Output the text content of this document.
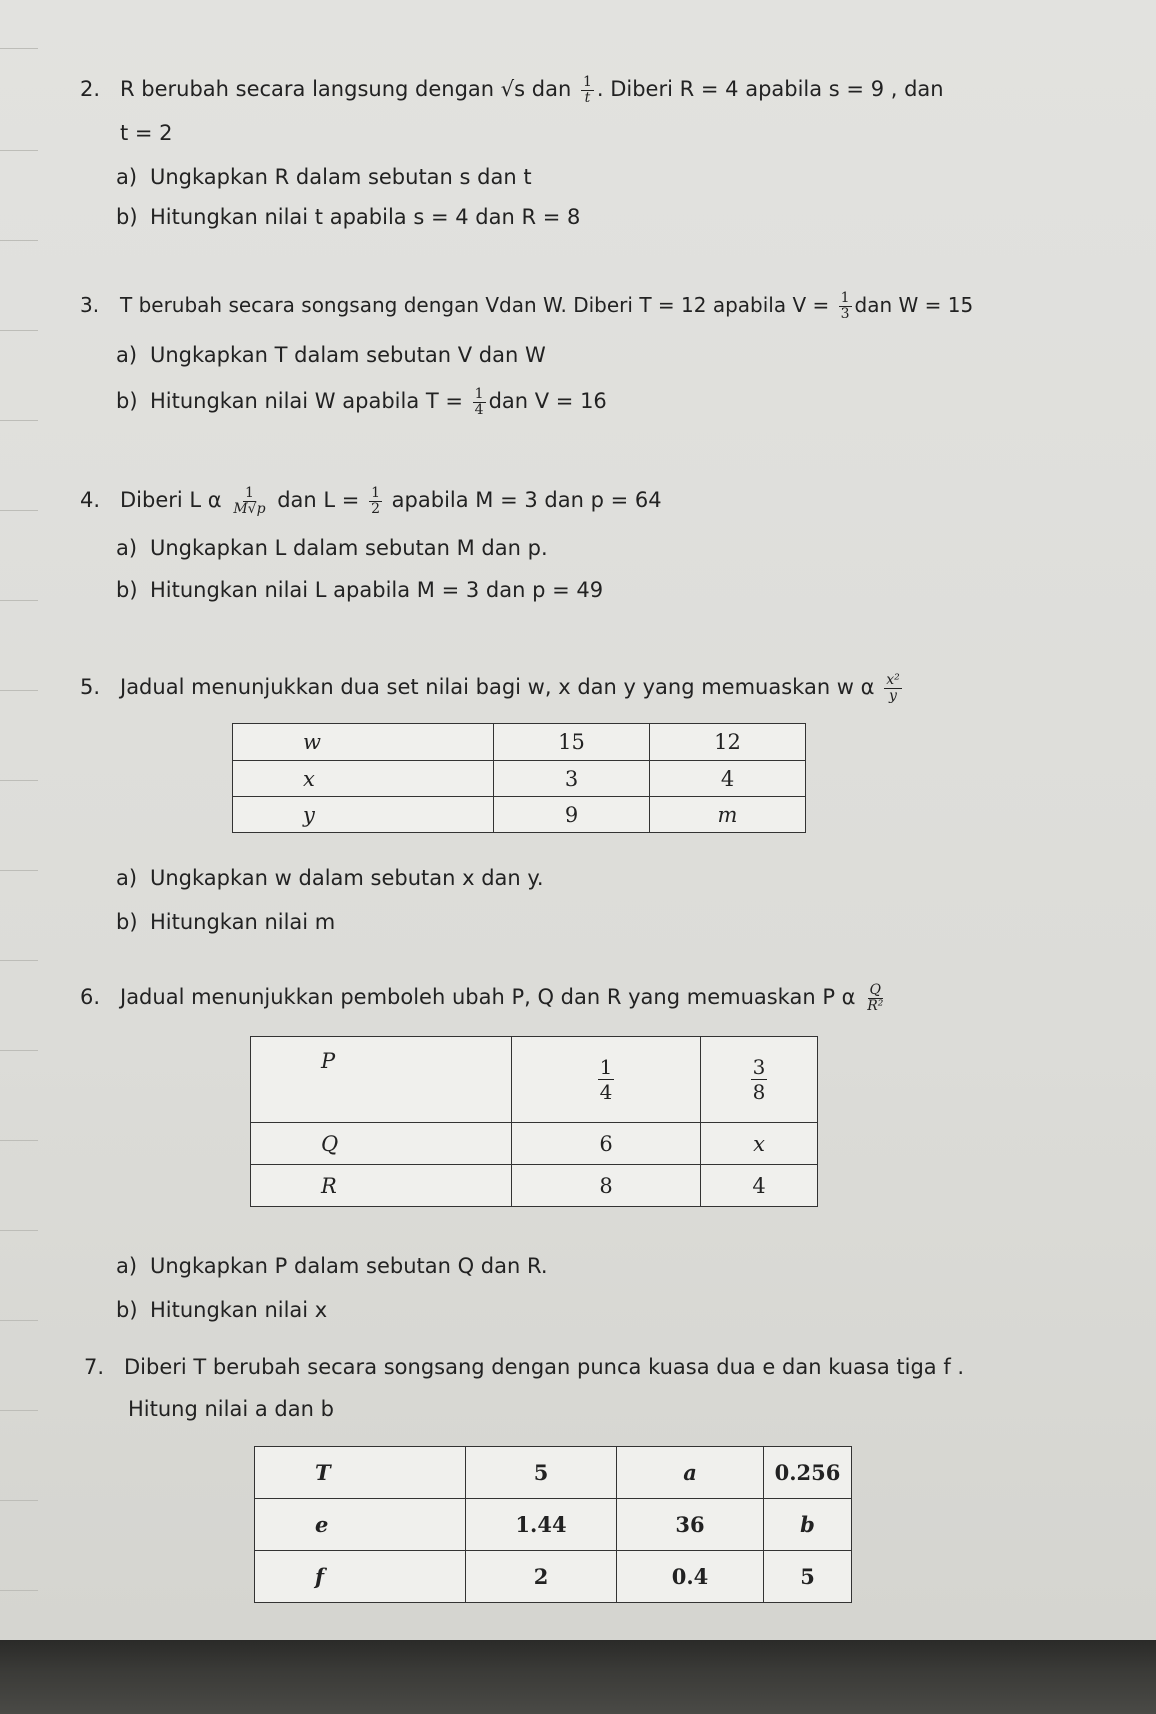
2. R berubah secara langsung dengan √s dan $\frac{1}{t}$ . Diberi R = 4 apabila s = 9 , dan
t = 2
a) Ungkapkan R dalam sebutan s dan t
b) Hitungkan nilai t apabila s = 4 dan R = 8
3. T berubah secara songsang dengan Vdan W. Diberi T = 12 apabila $V = \frac{1}{3}$ dan W = 15
a) Ungkapkan T dalam sebutan V dan W
b) Hitungkan nilai W apabila $T = \frac{1}{4}$ dan V = 16
4. Diberi L α $\frac{1}{M√p}$ dan $L = \frac{1}{2}$ apabila M = 3 dan p = 64
a) Ungkapkan L dalam sebutan M dan p.
b) Hitungkan nilai L apabila M = 3 dan p = 49
5. Jadual menunjukkan dua set nilai bagi w, x dan y yang memuaskan w α $\frac{\text{x²}}{y}$
w	15	12
x	3	4
y	9	m
a) Ungkapkan w dalam sebutan x dan y.
b) Hitungkan nilai m
6. Jadual menunjukkan pemboleh ubah P, Q dan R yang memuaskan P α $\frac{Q}{\text{R²}}$
P	$\frac{1}{4}$	$\frac{3}{8}$

Q	6	x
R	8	4
a) Ungkapkan P dalam sebutan Q dan R.
b) Hitungkan nilai x
7. Diberi T berubah secara songsang dengan punca kuasa dua e dan kuasa tiga f .
Hitung nilai a dan b
T	5	a	0.256
e	1.44	36	b
f	2	0.4	5
